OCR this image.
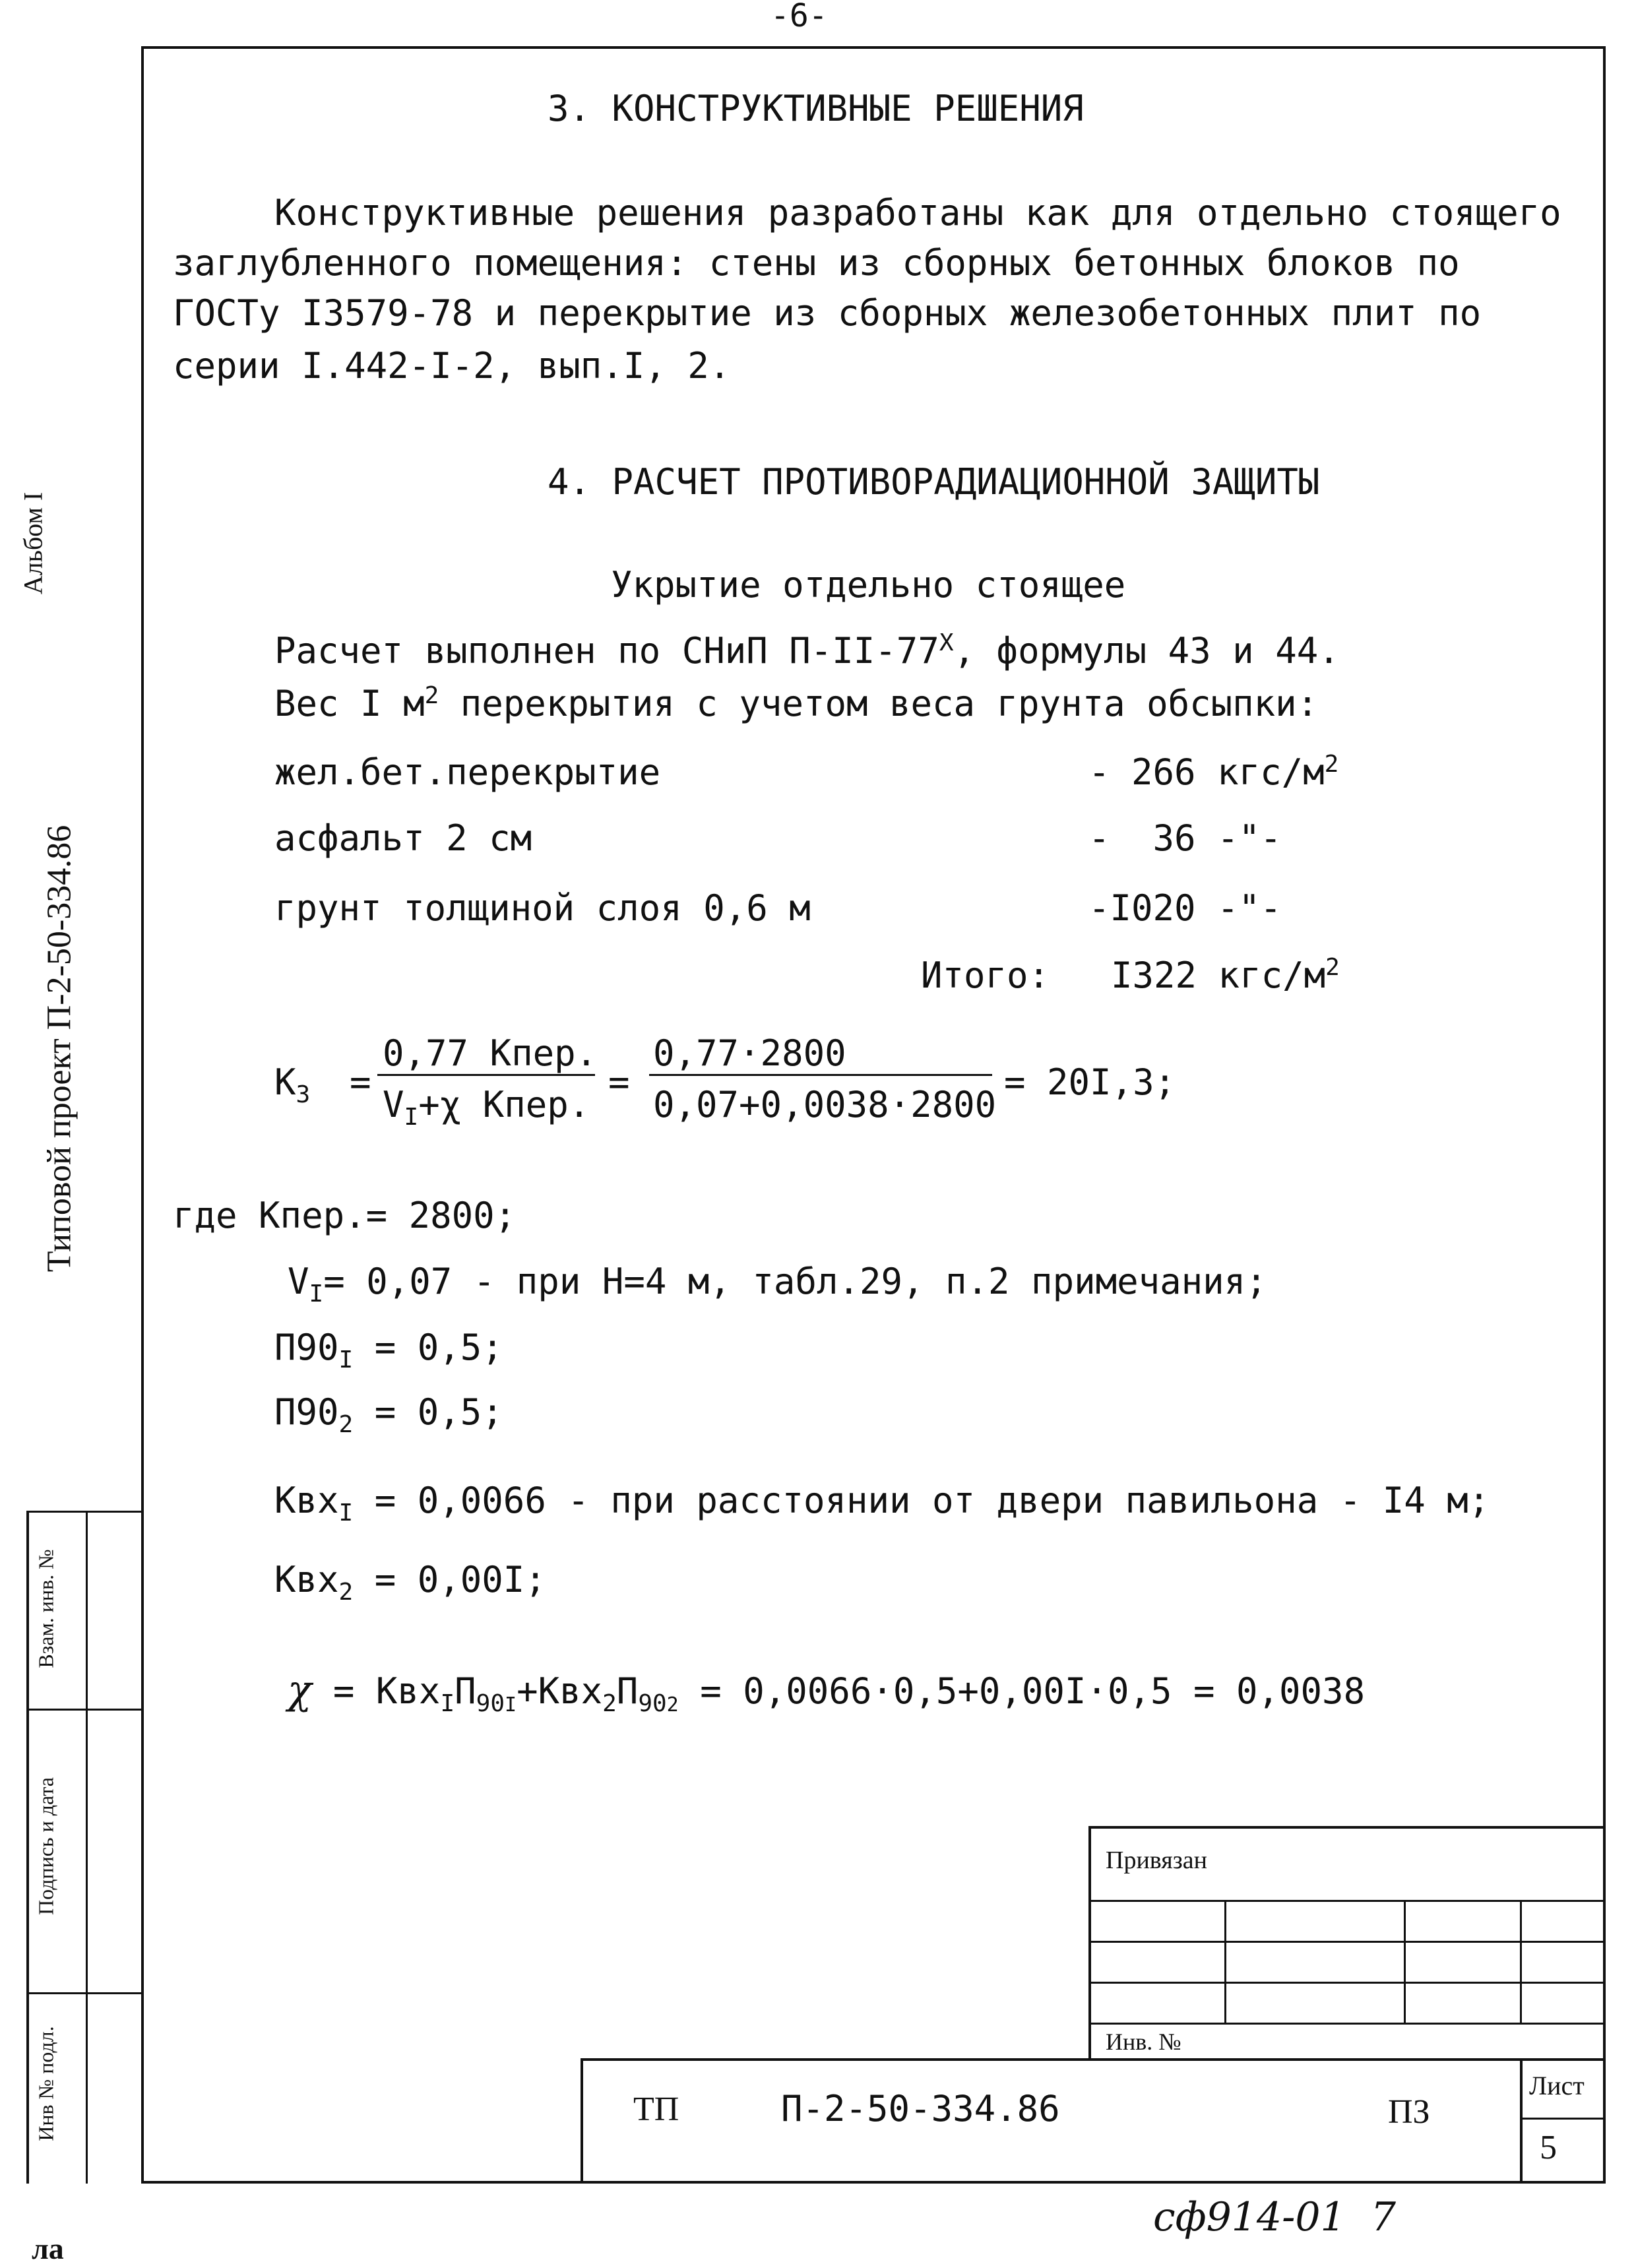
-6-
Альбом I
Типовой проект П-2-50-334.86
Взам. инв. №
Подпись и дата
Инв № подл.
3. КОНСТРУКТИВНЫЕ РЕШЕНИЯ
Конструктивные решения разработаны как для отдельно стоящего
заглубленного помещения: стены из сборных бетонных блоков по
ГОСТу I3579-78 и перекрытие из сборных железобетонных плит по
серии I.442-I-2, вып.I, 2.
4. РАСЧЕТ ПРОТИВОРАДИАЦИОННОЙ ЗАЩИТЫ
Укрытие отдельно стоящее
Расчет выполнен по СНиП $П-II-77^Х$, формулы 43 и 44.
Вес I $м^2$ перекрытия с учетом веса грунта обсыпки:
жел.бет.перекрытие	- 266 кгс/$м^2$
асфальт 2 см	-  36 -"-
грунт толщиной слоя 0,6 м	-I020 -"-
Итого: I322 кгс/$м^2$
$К_З$ =
0,77 Кпер.
$V_I+\chi$ Кпер.
=
0,77·2800
0,07+0,0038·2800
= 20I,3;
где Кпер.= 2800;
$V_I= 0,07$ - при Н=4 м, табл.29, п.2 примечания;
$П90_I = 0,5$;
$П90_2 = 0,5$;
Квх$_I$ = 0,0066 - при расстоянии от двери павильона - I4 м;
Квх$_2$ = 0,00I;
$\chi = Квх_IП_{90I}+Квх_2П_{902} = 0,0066\cdot 0,5+0,00I\cdot 0,5 = 0,0038$
Привязан
Инв. №
ТП	П-2-50-334.86	ПЗ
Лист
5
сф914-01  7
ла
